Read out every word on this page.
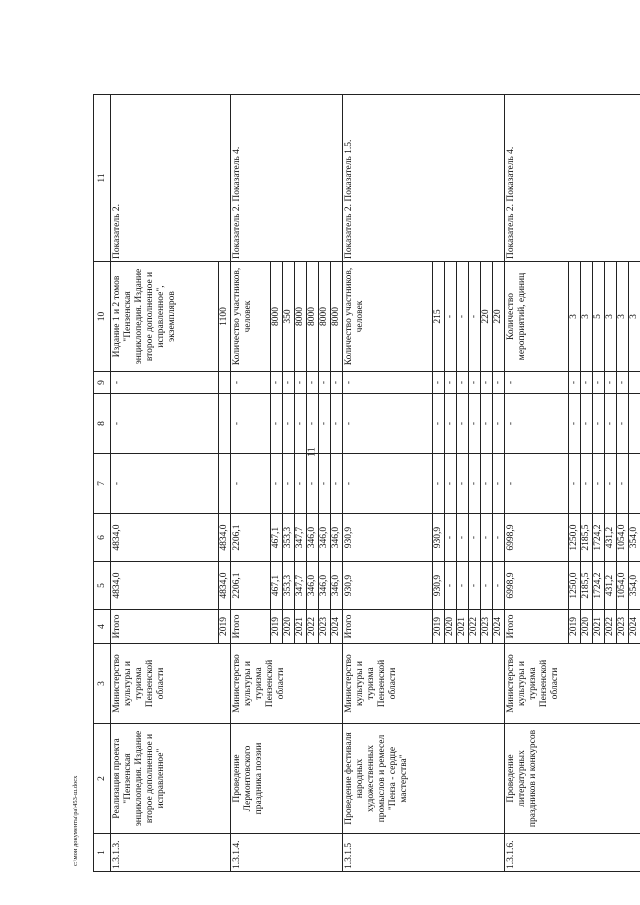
11
1	2	3	4	5	6	7	8	9	10	11
1.3.1.3.	Реализация проекта "Пензенская энциклопедия. Издание второе дополненное и исправленное"	Министерство культуры и туризма Пензенской области	Итого	4834,0	4834,0	-	-	-	Издание 1 и 2 томов "Пензенская энциклопедия. Издание второе дополненное и исправленное", экземпляров	Показатель 2.
			2019	4834,0	4834,0				1100	
1.3.1.4.	Проведение Лермонтовского праздника поэзии	Министерство культуры и туризма Пензенской области	Итого	2206,1	2206,1	-	-	-	Количество участников, человек	Показатель 2. Показатель 4.
			2019	467,1	467,1	-	-	-	8000	
			2020	353,3	353,3	-	-	-	350	
			2021	347,7	347,7	-	-	-	8000	
			2022	346,0	346,0	-	-	-	8000	
			2023	346,0	346,0	-	-	-	8000	
			2024	346,0	346,0	-	-	-	8000	
1.3.1.5	Проведение фестиваля народных художественных промыслов и ремесел "Пенза - сердце мастерства"	Министерство культуры и туризма Пензенской области	Итого	930,9	930,9	-	-	-	Количество участников, человек	Показатель 2. Показатель 1.5.
			2019	930,9	930,9	-	-	-	215	
			2020	-	-	-	-	-	-	
			2021	-	-	-	-	-	-	
			2022	-	-	-	-	-	-	
			2023	-	-	-	-	-	220	
			2024	-	-	-	-	-	220	
1.3.1.6.	Проведение литературных праздников и конкурсов	Министерство культуры и туризма Пензенской области	Итого	6998,9	6998,9	-	-	-	Количество мероприятий, единиц	Показатель 2. Показатель 4.
			2019	1250,0	1250,0	-	-	-	3	
			2020	2185,5	2185,5	-	-	-	3	
			2021	1724,2	1724,2	-	-	-	5	
			2022	431,2	431,2	-	-	-	3	
			2023	1054,0	1054,0	-	-	-	3	
			2024	354,0	354,0				3	
c:\мои документы\ра\453-ш.docx
